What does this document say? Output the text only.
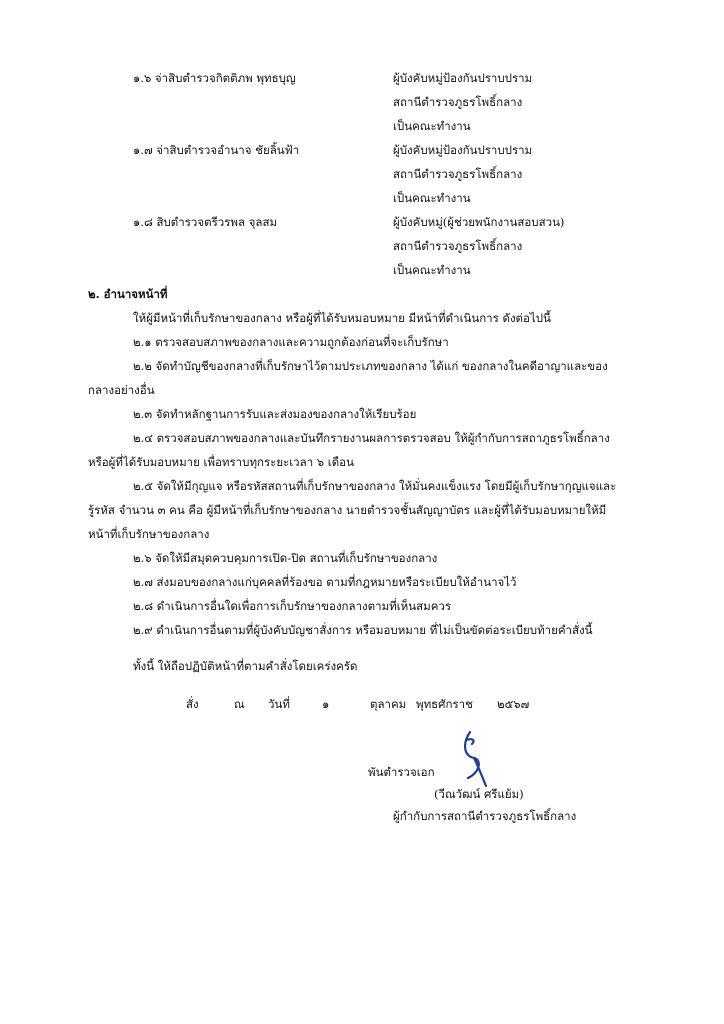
๑.๖ จ่าสิบตำรวจกิตติภพ พุทธบุญ	ผู้บังคับหมู่ป้องกันปราบปราม
สถานีตำรวจภูธรโพธิ์กลาง
เป็นคณะทำงาน
๑.๗ จ่าสิบตำรวจอำนาจ ชัยลิ้นฟ้า	ผู้บังคับหมู่ป้องกันปราบปราม
สถานีตำรวจภูธรโพธิ์กลาง
เป็นคณะทำงาน
๑.๘ สิบตำรวจตรีวรพล จุลสม	ผู้บังคับหมู่(ผู้ช่วยพนักงานสอบสวน)
สถานีตำรวจภูธรโพธิ์กลาง
เป็นคณะทำงาน
๒. อำนาจหน้าที่
ให้ผู้มีหน้าที่เก็บรักษาของกลาง หรือผู้ที่ได้รับหมอบหมาย มีหน้าที่ดำเนินการ ดังต่อไปนี้
๒.๑ ตรวจสอบสภาพของกลางและความถูกต้องก่อนที่จะเก็บรักษา
๒.๒ จัดทำบัญชีของกลางที่เก็บรักษาไว้ตามประเภทของกลาง ได้แก่ ของกลางในคดีอาญาและของ
กลางอย่างอื่น
๒.๓ จัดทำหลักฐานการรับและส่งมองของกลางให้เรียบร้อย
๒.๔ ตรวจสอบสภาพของกลางและบันทึกรายงานผลการตรวจสอบ ให้ผู้กำกับการสถาภูธรโพธิ์กลาง
หรือผู้ที่ได้รับมอบหมาย เพื่อทราบทุกระยะเวลา ๖ เดือน
๒.๕ จัดให้มีกุญแจ หรือรหัสสถานที่เก็บรักษาของกลาง ให้มั่นคงแข็งแรง โดยมีผู้เก็บรักษากุญแจและ
รู้รหัส จำนวน ๓ คน คือ ผู้มีหน้าที่เก็บรักษาของกลาง นายตำรวจชั้นสัญญาบัตร และผู้ที่ได้รับมอบหมายให้มี
หน้าที่เก็บรักษาของกลาง
๒.๖ จัดให้มีสมุดควบคุมการเปิด-ปิด สถานที่เก็บรักษาของกลาง
๒.๗ ส่งมอบของกลางแก่บุคคลที่ร้องขอ ตามที่กฎหมายหรือระเบียบให้อำนาจไว้
๒.๘ ดำเนินการอื่นใดเพื่อการเก็บรักษาของกลางตามที่เห็นสมควร
๒.๙ ดำเนินการอื่นตามที่ผู้บังคับบัญชาสั่งการ หรือมอบหมาย ที่ไม่เป็นขัดต่อระเบียบท้ายคำสั่งนี้
ทั้งนี้ ให้ถือปฏิบัติหน้าที่ตามคำสั่งโดยเคร่งครัด
สั่ง	ณ วันที่	๑	ตุลาคม พุทธศักราช ๒๕๖๗
พันตำรวจเอก
(วีณวัฒน์ ศรีแย้ม)
ผู้กำกับการสถานีตำรวจภูธรโพธิ์กลาง
